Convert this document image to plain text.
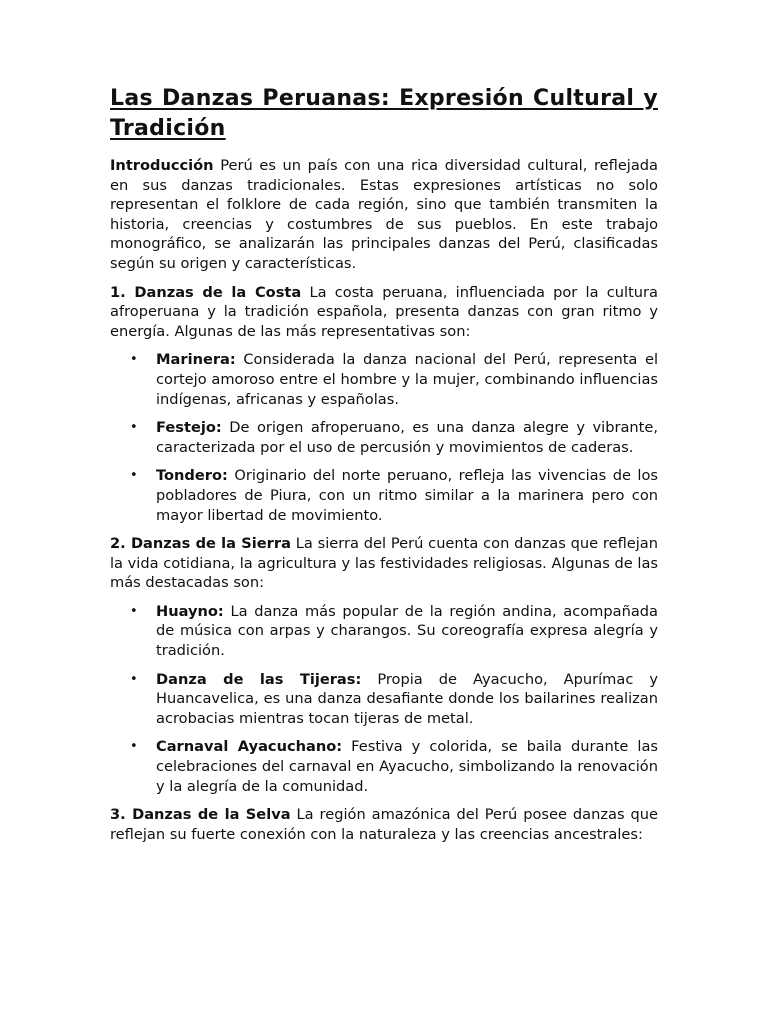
Las Danzas Peruanas: Expresión Cultural y Tradición

Introducción Perú es un país con una rica diversidad cultural, reflejada en sus danzas tradicionales. Estas expresiones artísticas no solo representan el folklore de cada región, sino que también transmiten la historia, creencias y costumbres de sus pueblos. En este trabajo monográfico, se analizarán las principales danzas del Perú, clasificadas según su origen y características.

1. Danzas de la Costa La costa peruana, influenciada por la cultura afroperuana y la tradición española, presenta danzas con gran ritmo y energía. Algunas de las más representativas son:

• Marinera: Considerada la danza nacional del Perú, representa el cortejo amoroso entre el hombre y la mujer, combinando influencias indígenas, africanas y españolas.
• Festejo: De origen afroperuano, es una danza alegre y vibrante, caracterizada por el uso de percusión y movimientos de caderas.
• Tondero: Originario del norte peruano, refleja las vivencias de los pobladores de Piura, con un ritmo similar a la marinera pero con mayor libertad de movimiento.

2. Danzas de la Sierra La sierra del Perú cuenta con danzas que reflejan la vida cotidiana, la agricultura y las festividades religiosas. Algunas de las más destacadas son:

• Huayno: La danza más popular de la región andina, acompañada de música con arpas y charangos. Su coreografía expresa alegría y tradición.
• Danza de las Tijeras: Propia de Ayacucho, Apurímac y Huancavelica, es una danza desafiante donde los bailarines realizan acrobacias mientras tocan tijeras de metal.
• Carnaval Ayacuchano: Festiva y colorida, se baila durante las celebraciones del carnaval en Ayacucho, simbolizando la renovación y la alegría de la comunidad.

3. Danzas de la Selva La región amazónica del Perú posee danzas que reflejan su fuerte conexión con la naturaleza y las creencias ancestrales:
